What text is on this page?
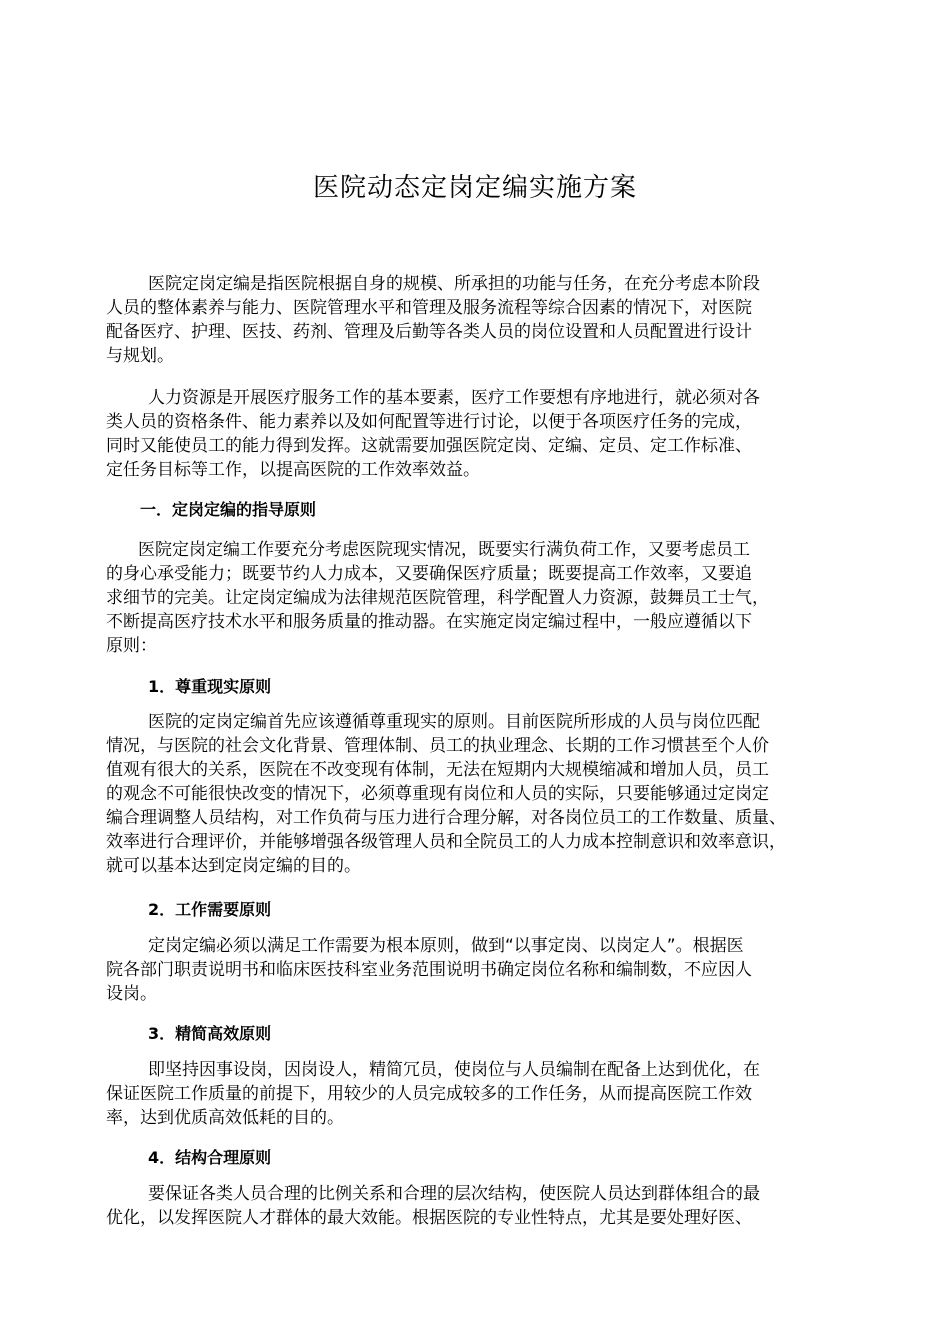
医院动态定岗定编实施方案
医院定岗定编是指医院根据自身的规模、所承担的功能与任务，在充分考虑本阶段
人员的整体素养与能力、医院管理水平和管理及服务流程等综合因素的情况下，对医院
配备医疗、护理、医技、药剂、管理及后勤等各类人员的岗位设置和人员配置进行设计
与规划。
人力资源是开展医疗服务工作的基本要素，医疗工作要想有序地进行，就必须对各
类人员的资格条件、能力素养以及如何配置等进行讨论，以便于各项医疗任务的完成，
同时又能使员工的能力得到发挥。这就需要加强医院定岗、定编、定员、定工作标准、
定任务目标等工作，以提高医院的工作效率效益。
一．定岗定编的指导原则
医院定岗定编工作要充分考虑医院现实情况，既要实行满负荷工作，又要考虑员工
的身心承受能力；既要节约人力成本，又要确保医疗质量；既要提高工作效率，又要追
求细节的完美。让定岗定编成为法律规范医院管理，科学配置人力资源，鼓舞员工士气，
不断提高医疗技术水平和服务质量的推动器。在实施定岗定编过程中，一般应遵循以下
原则：
1．尊重现实原则
医院的定岗定编首先应该遵循尊重现实的原则。目前医院所形成的人员与岗位匹配
情况，与医院的社会文化背景、管理体制、员工的执业理念、长期的工作习惯甚至个人价
值观有很大的关系，医院在不改变现有体制，无法在短期内大规模缩减和增加人员，员工
的观念不可能很快改变的情况下，必须尊重现有岗位和人员的实际，只要能够通过定岗定
编合理调整人员结构，对工作负荷与压力进行合理分解，对各岗位员工的工作数量、质量、
效率进行合理评价，并能够增强各级管理人员和全院员工的人力成本控制意识和效率意识，
就可以基本达到定岗定编的目的。
2．工作需要原则
定岗定编必须以满足工作需要为根本原则，做到“以事定岗、以岗定人”。根据医
院各部门职责说明书和临床医技科室业务范围说明书确定岗位名称和编制数，不应因人
设岗。
3．精简高效原则
即坚持因事设岗，因岗设人，精简冗员，使岗位与人员编制在配备上达到优化，在
保证医院工作质量的前提下，用较少的人员完成较多的工作任务，从而提高医院工作效
率，达到优质高效低耗的目的。
4．结构合理原则
要保证各类人员合理的比例关系和合理的层次结构，使医院人员达到群体组合的最
优化，以发挥医院人才群体的最大效能。根据医院的专业性特点，尤其是要处理好医、
